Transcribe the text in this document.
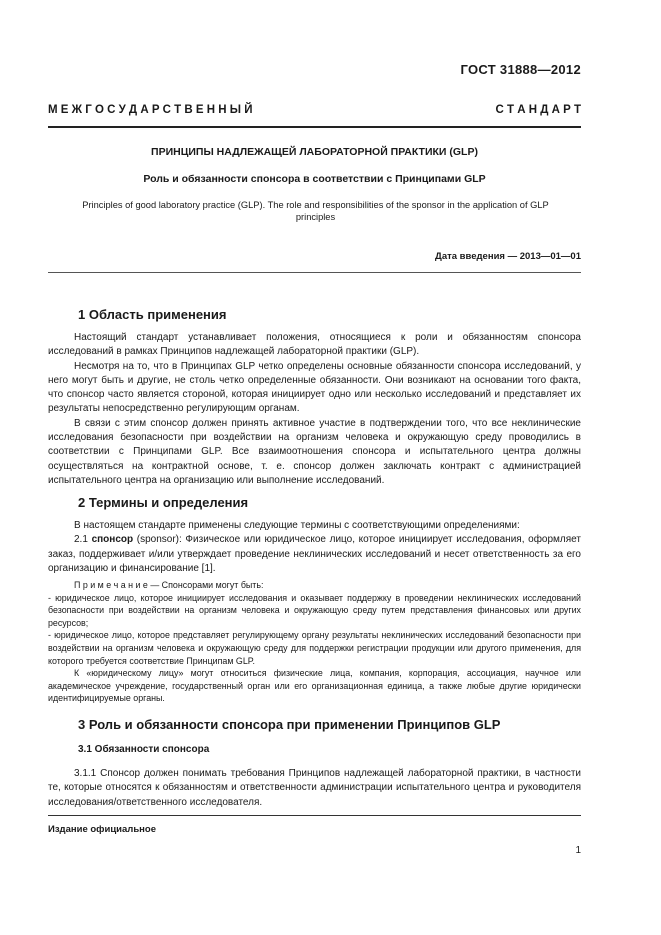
ГОСТ 31888—2012
М Е Ж Г О С У Д А Р С Т В Е Н Н Ы Й	С Т А Н Д А Р Т
ПРИНЦИПЫ НАДЛЕЖАЩЕЙ ЛАБОРАТОРНОЙ ПРАКТИКИ (GLP)
Роль и обязанности спонсора в соответствии с Принципами GLP
Principles of good laboratory practice (GLP). The role and responsibilities of the sponsor in the application of GLP principles
Дата введения — 2013—01—01
1 Область применения

Настоящий стандарт устанавливает положения, относящиеся к роли и обязанностям спонсора исследований в рамках Принципов надлежащей лабораторной практики (GLP).

Несмотря на то, что в Принципах GLP четко определены основные обязанности спонсора исследований, у него могут быть и другие, не столь четко определенные обязанности. Они возникают на основании того факта, что спонсор часто является стороной, которая инициирует одно или несколько исследований и представляет их результаты непосредственно регулирующим органам.

В связи с этим спонсор должен принять активное участие в подтверждении того, что все неклинические исследования безопасности при воздействии на организм человека и окружающую среду проводились в соответствии с Принципами GLP. Все взаимоотношения спонсора и испытательного центра должны осуществляться на контрактной основе, т. е. спонсор должен заключать контракт с администрацией испытательного центра на организацию или выполнение исследований.

2 Термины и определения

В настоящем стандарте применены следующие термины с соответствующими определениями:

2.1 спонсор (sponsor): Физическое или юридическое лицо, которое инициирует исследования, оформляет заказ, поддерживает и/или утверждает проведение неклинических исследований и несет ответственность за его организацию и финансирование [1].

П р и м е ч а н и е — Спонсорами могут быть:

- юридическое лицо, которое инициирует исследования и оказывает поддержку в проведении неклинических исследований безопасности при воздействии на организм человека и окружающую среду путем представления финансовых или других ресурсов;

- юридическое лицо, которое представляет регулирующему органу результаты неклинических исследований безопасности при воздействии на организм человека и окружающую среду для поддержки регистрации продукции или другого применения, для которого требуется соответствие Принципам GLP.

К «юридическому лицу» могут относиться физические лица, компания, корпорация, ассоциация, научное или академическое учреждение, государственный орган или его организационная единица, а также любые другие юридически идентифицируемые органы.

3 Роль и обязанности спонсора при применении Принципов GLP
3.1 Обязанности спонсора

3.1.1 Спонсор должен понимать требования Принципов надлежащей лабораторной практики, в частности те, которые относятся к обязанностям и ответственности администрации испытательного центра и руководителя исследования/ответственного исследователя.

Издание официальное
1
